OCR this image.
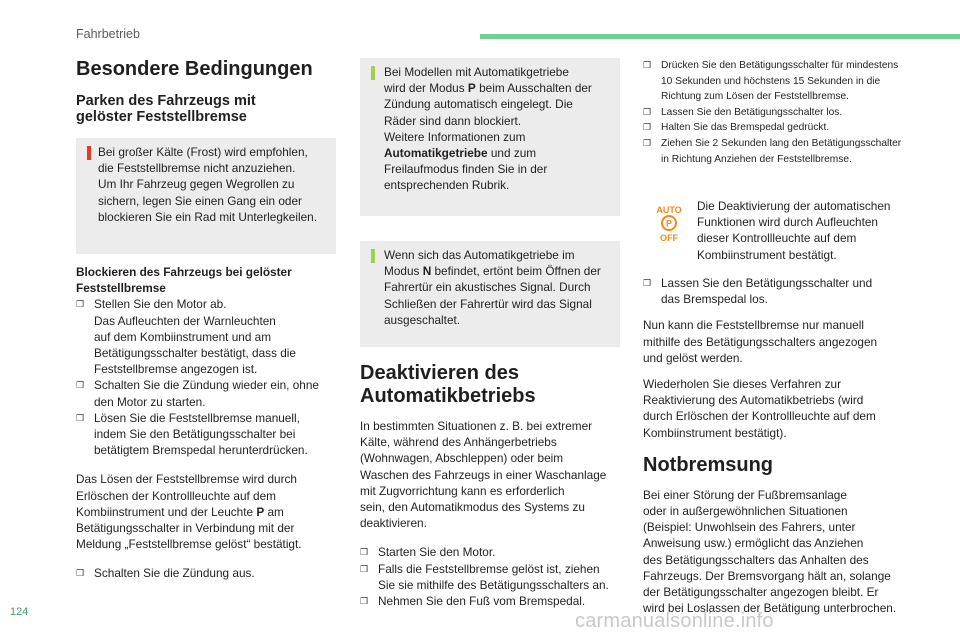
Fahrbetrieb
Besondere Bedingungen
Parken des Fahrzeugs mit
gelöster Feststellbremse
Bei großer Kälte (Frost) wird empfohlen,
die Feststellbremse nicht anzuziehen.
Um Ihr Fahrzeug gegen Wegrollen zu
sichern, legen Sie einen Gang ein oder
blockieren Sie ein Rad mit Unterlegkeilen.
Blockieren des Fahrzeugs bei gelöster
Feststellbremse
❒ Stellen Sie den Motor ab.
Das Aufleuchten der Warnleuchten
auf dem Kombiinstrument und am
Betätigungsschalter bestätigt, dass die
Feststellbremse angezogen ist.
❒ Schalten Sie die Zündung wieder ein, ohne
den Motor zu starten.
❒ Lösen Sie die Feststellbremse manuell,
indem Sie den Betätigungsschalter bei
betätigtem Bremspedal herunterdrücken.
Das Lösen der Feststellbremse wird durch
Erlöschen der Kontrollleuchte auf dem
Kombiinstrument und der Leuchte P am
Betätigungsschalter in Verbindung mit der
Meldung „Feststellbremse gelöst“ bestätigt.
❒ Schalten Sie die Zündung aus.
Bei Modellen mit Automatikgetriebe
wird der Modus P beim Ausschalten der
Zündung automatisch eingelegt. Die
Räder sind dann blockiert.
Weitere Informationen zum
Automatikgetriebe und zum
Freilaufmodus finden Sie in der
entsprechenden Rubrik.
Wenn sich das Automatikgetriebe im
Modus N befindet, ertönt beim Öffnen der
Fahrertür ein akustisches Signal. Durch
Schließen der Fahrertür wird das Signal
ausgeschaltet.
Deaktivieren des
Automatikbetriebs
In bestimmten Situationen z. B. bei extremer
Kälte, während des Anhängerbetriebs
(Wohnwagen, Abschleppen) oder beim
Waschen des Fahrzeugs in einer Waschanlage
mit Zugvorrichtung kann es erforderlich
sein, den Automatikmodus des Systems zu
deaktivieren.
❒ Starten Sie den Motor.
❒ Falls die Feststellbremse gelöst ist, ziehen
Sie sie mithilfe des Betätigungsschalters an.
❒ Nehmen Sie den Fuß vom Bremspedal.
❒ Drücken Sie den Betätigungsschalter für mindestens
10 Sekunden und höchstens 15 Sekunden in die
Richtung zum Lösen der Feststellbremse.
❒ Lassen Sie den Betätigungsschalter los.
❒ Halten Sie das Bremspedal gedrückt.
❒ Ziehen Sie 2 Sekunden lang den Betätigungsschalter
in Richtung Anziehen der Feststellbremse.
AUTO
P
OFF
Die Deaktivierung der automatischen
Funktionen wird durch Aufleuchten
dieser Kontrollleuchte auf dem
Kombiinstrument bestätigt.
❒ Lassen Sie den Betätigungsschalter und
das Bremspedal los.
Nun kann die Feststellbremse nur manuell
mithilfe des Betätigungsschalters angezogen
und gelöst werden.
Wiederholen Sie dieses Verfahren zur
Reaktivierung des Automatikbetriebs (wird
durch Erlöschen der Kontrollleuchte auf dem
Kombiinstrument bestätigt).
Notbremsung
Bei einer Störung der Fußbremsanlage
oder in außergewöhnlichen Situationen
(Beispiel: Unwohlsein des Fahrers, unter
Anweisung usw.) ermöglicht das Anziehen
des Betätigungsschalters das Anhalten des
Fahrzeugs. Der Bremsvorgang hält an, solange
der Betätigungsschalter angezogen bleibt. Er
wird bei Loslassen der Betätigung unterbrochen.
124	carmanualsonline.info
